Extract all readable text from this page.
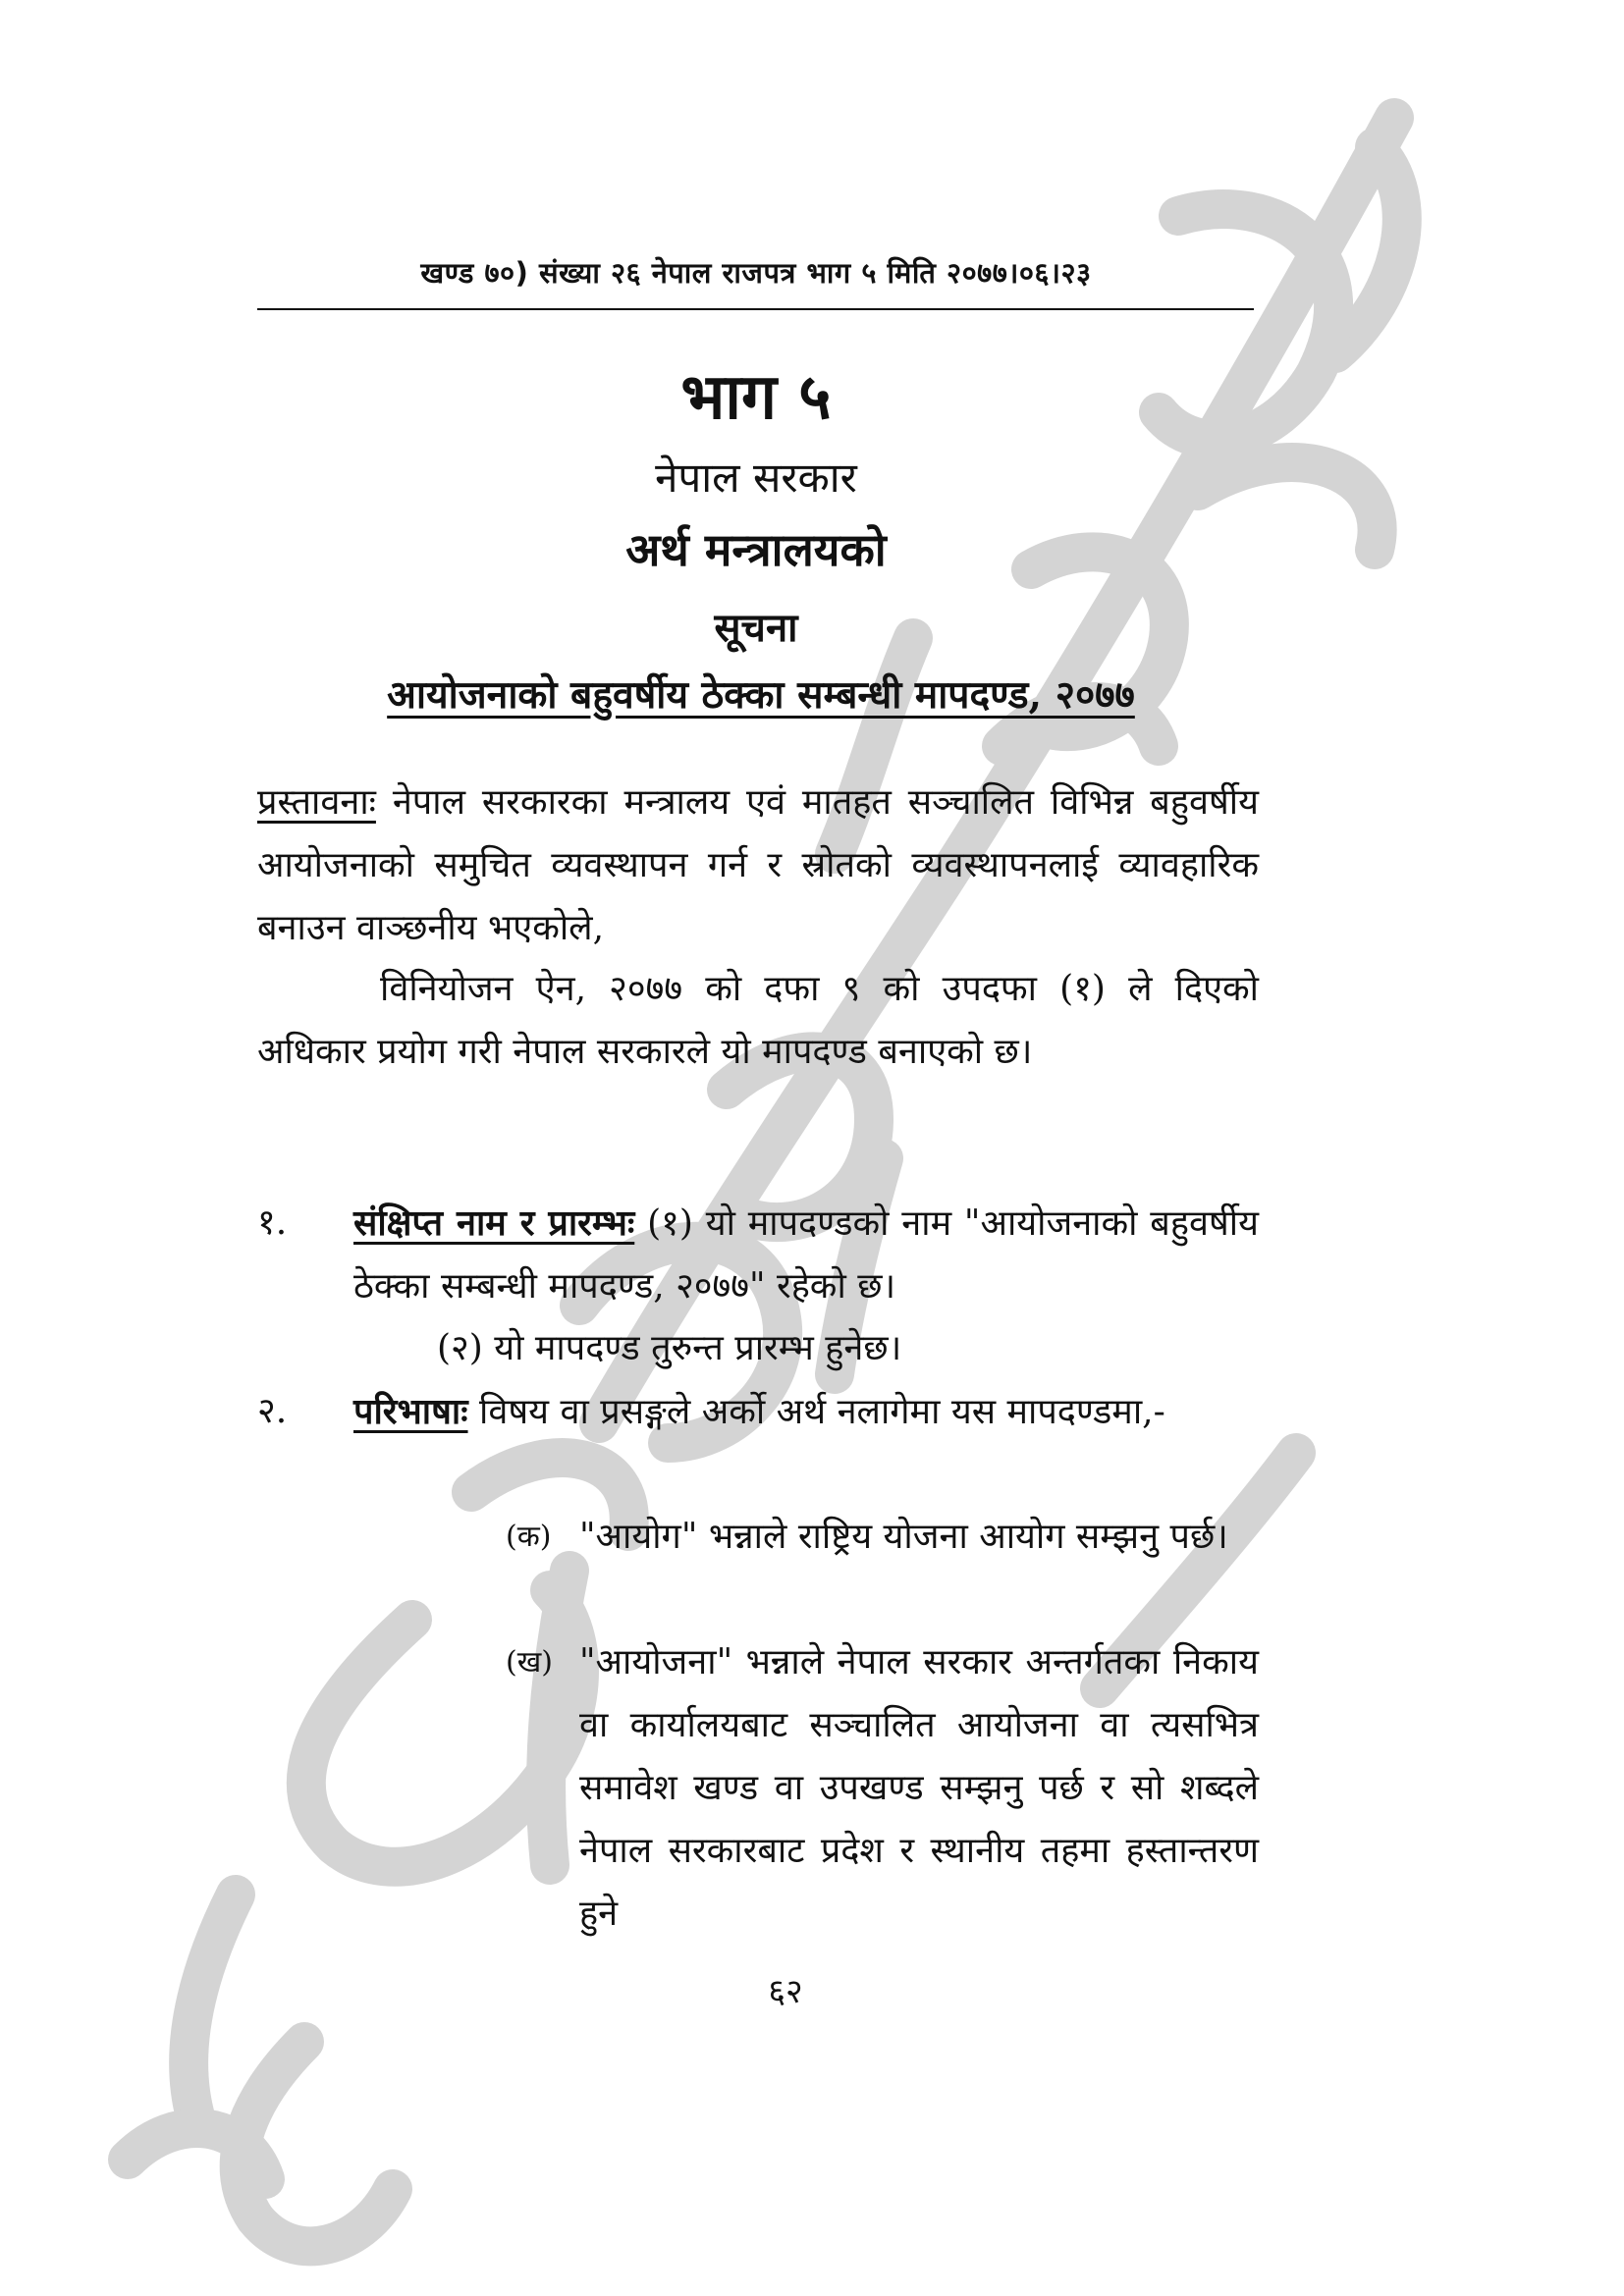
खण्ड ७०) संख्या २६ नेपाल राजपत्र भाग ५ मिति २०७७।०६।२३

भाग ५

नेपाल सरकार

अर्थ मन्त्रालयको

सूचना

आयोजनाको बहुवर्षीय ठेक्का सम्बन्धी मापदण्ड, २०७७

प्रस्तावनाः नेपाल सरकारका मन्त्रालय एवं मातहत सञ्चालित विभिन्न बहुवर्षीय आयोजनाको समुचित व्यवस्थापन गर्न र स्रोतको व्यवस्थापनलाई व्यावहारिक बनाउन वाञ्छनीय भएकोले,

विनियोजन ऐन, २०७७ को दफा ९ को उपदफा (१) ले दिएको अधिकार प्रयोग गरी नेपाल सरकारले यो मापदण्ड बनाएको छ।

१. संक्षिप्त नाम र प्रारम्भः (१) यो मापदण्डको नाम "आयोजनाको बहुवर्षीय ठेक्का सम्बन्धी मापदण्ड, २०७७" रहेको छ।

(२) यो मापदण्ड तुरुन्त प्रारम्भ हुनेछ।

२. परिभाषाः विषय वा प्रसङ्गले अर्को अर्थ नलागेमा यस मापदण्डमा,-

(क) "आयोग" भन्नाले राष्ट्रिय योजना आयोग सम्झनु पर्छ।

(ख) "आयोजना" भन्नाले नेपाल सरकार अन्तर्गतका निकाय वा कार्यालयबाट सञ्चालित आयोजना वा त्यसभित्र समावेश खण्ड वा उपखण्ड सम्झनु पर्छ र सो शब्दले नेपाल सरकारबाट प्रदेश र स्थानीय तहमा हस्तान्तरण हुने

६२
